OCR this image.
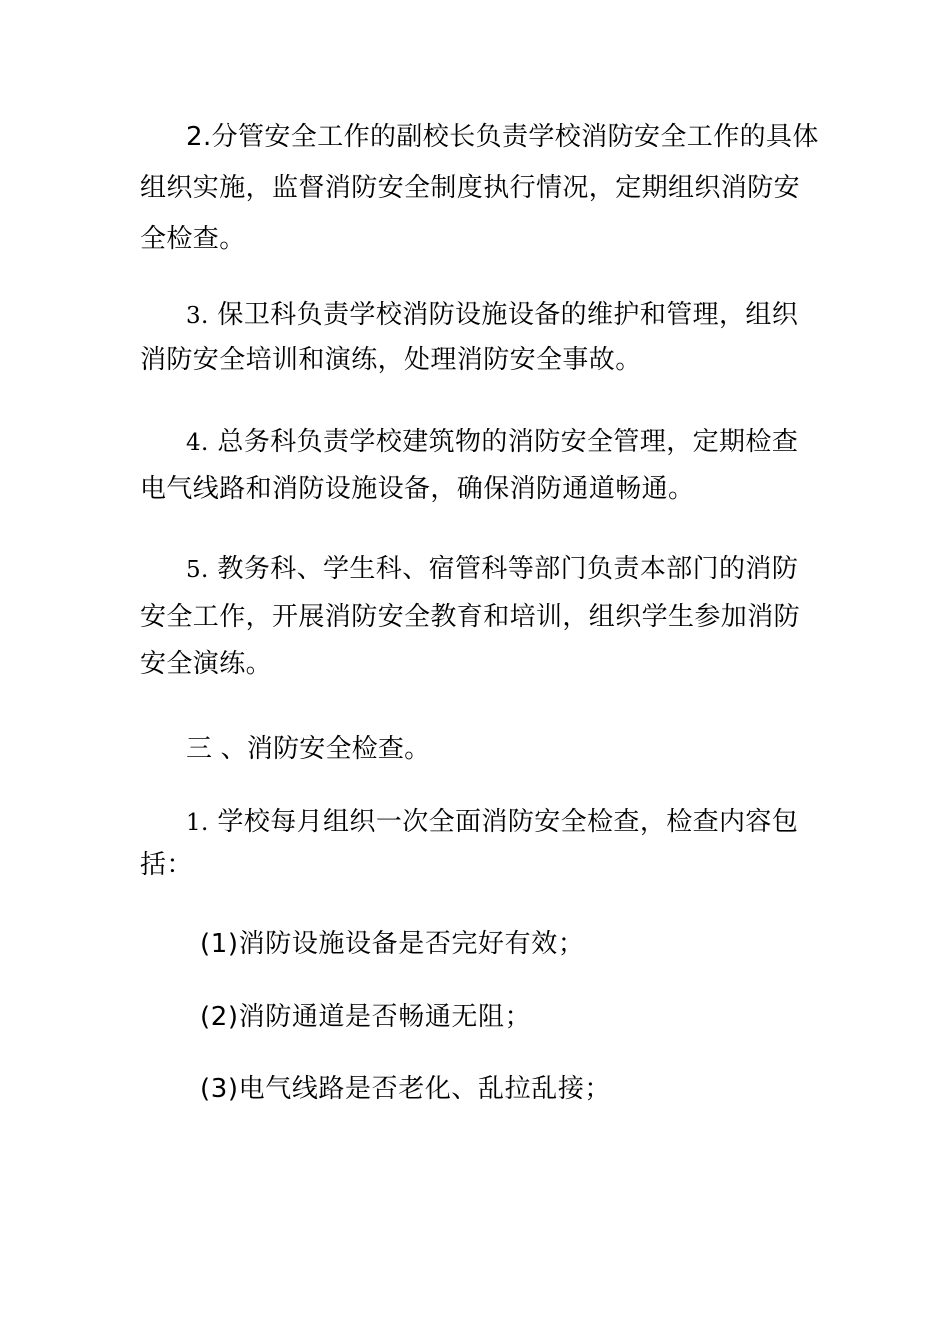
2.分管安全工作的副校长负责学校消防安全工作的具体组织实施，监督消防安全制度执行情况，定期组织消防安全检查。

3. 保卫科负责学校消防设施设备的维护和管理，组织消防安全培训和演练，处理消防安全事故。

4. 总务科负责学校建筑物的消防安全管理，定期检查电气线路和消防设施设备，确保消防通道畅通。

5. 教务科、学生科、宿管科等部门负责本部门的消防安全工作，开展消防安全教育和培训，组织学生参加消防安全演练。

三 、消防安全检查。

1. 学校每月组织一次全面消防安全检查，检查内容包括：

(1)消防设施设备是否完好有效；

(2)消防通道是否畅通无阻；

(3)电气线路是否老化、乱拉乱接；
